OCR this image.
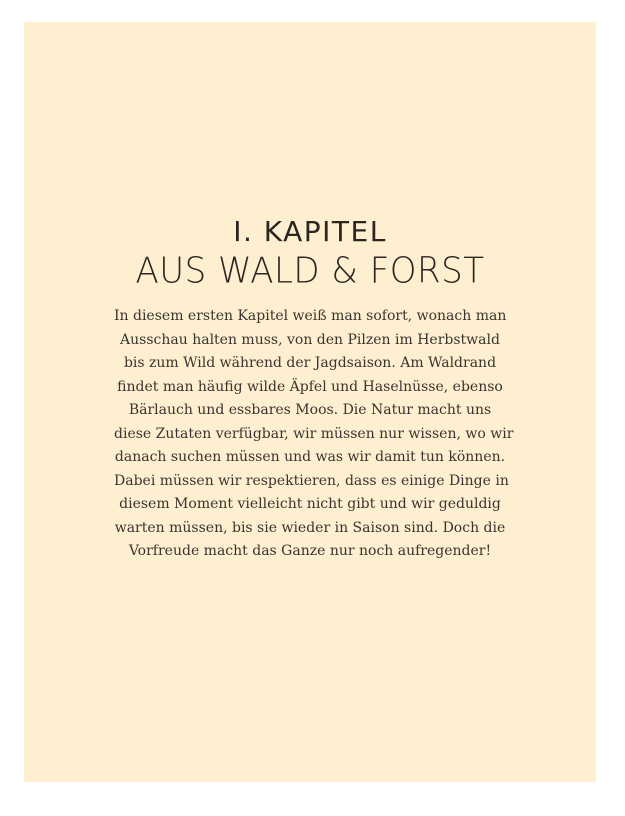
I. KAPITEL
AUS WALD & FORST

In diesem ersten Kapitel weiß man sofort, wonach man
Ausschau halten muss, von den Pilzen im Herbstwald
bis zum Wild während der Jagdsaison. Am Waldrand
findet man häufig wilde Äpfel und Haselnüsse, ebenso
Bärlauch und essbares Moos. Die Natur macht uns
diese Zutaten verfügbar, wir müssen nur wissen, wo wir
danach suchen müssen und was wir damit tun können.
Dabei müssen wir respektieren, dass es einige Dinge in
diesem Moment vielleicht nicht gibt und wir geduldig
warten müssen, bis sie wieder in Saison sind. Doch die
Vorfreude macht das Ganze nur noch aufregender!
